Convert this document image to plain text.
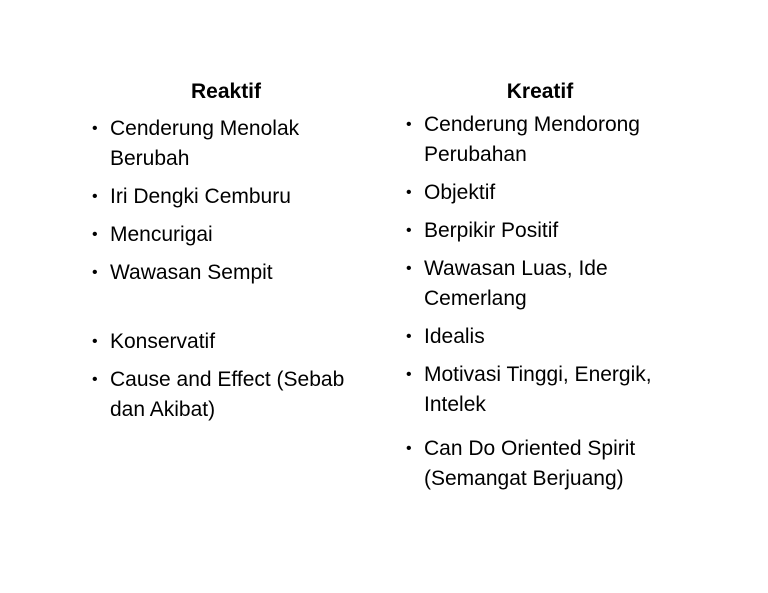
Reaktif
• Cenderung Menolak Berubah
• Iri Dengki Cemburu
• Mencurigai
• Wawasan Sempit
• Konservatif
• Cause and Effect (Sebab dan Akibat)
Kreatif
• Cenderung Mendorong Perubahan
• Objektif
• Berpikir Positif
• Wawasan Luas, Ide Cemerlang
• Idealis
• Motivasi Tinggi, Energik, Intelek
• Can Do Oriented Spirit (Semangat Berjuang)
